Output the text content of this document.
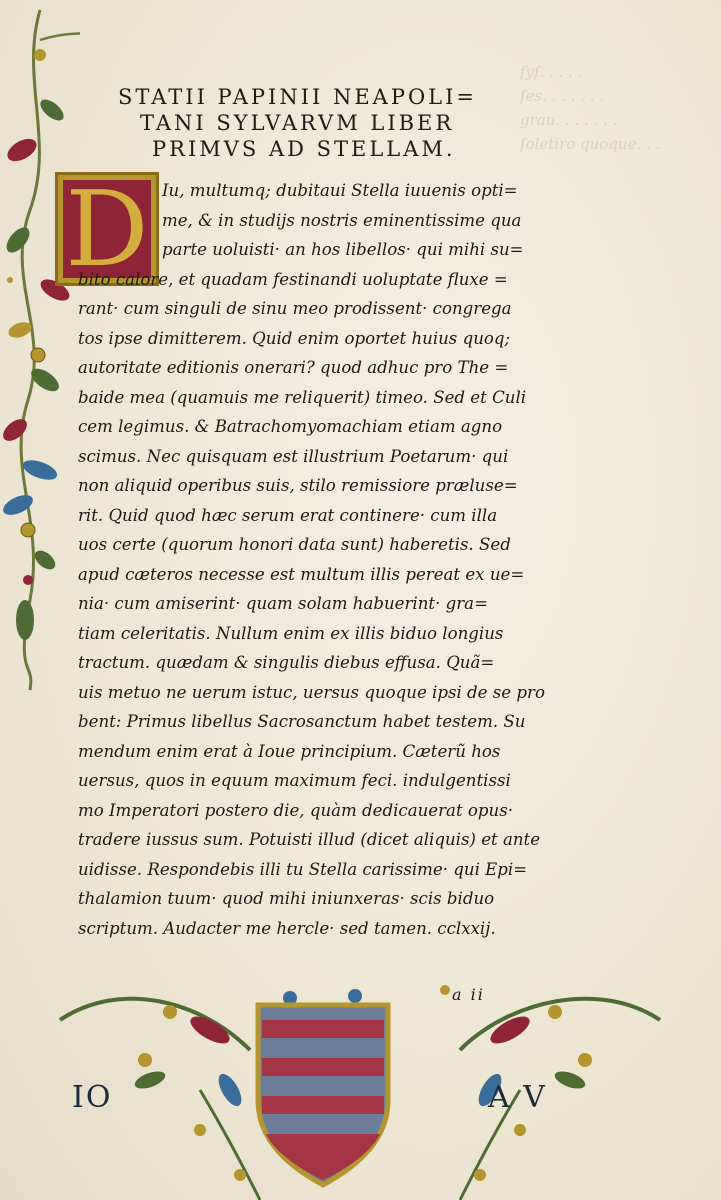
ſyſ. . . . .
ſes. . . . . . .
grau. . . . . . .
ſoletiro quoque. . .
STATII PAPINII NEAPOLI=
TANI SYLVARVM LIBER
PRIMVS AD STELLAM.
D Iu, multumq; dubitaui Stella iuuenis opti=
me, & in studijs nostris eminentissime qua
parte uoluisti· an hos libellos· qui mihi su=
bito calore, et quadam festinandi uoluptate fluxe =
rant· cum singuli de sinu meo prodissent· congrega
tos ipse dimitterem. Quid enim oportet huius quoq;
autoritate editionis onerari? quod adhuc pro The =
baide mea (quamuis me reliquerit) timeo. Sed et Culi
cem legimus. & Batrachomyomachiam etiam agno
scimus. Nec quisquam est illustrium Poetarum· qui
non aliquid operibus suis, stilo remissiore præluse=
rit. Quid quod hæc serum erat continere· cum illa
uos certe (quorum honori data sunt) haberetis. Sed
apud cæteros necesse est multum illis pereat ex ue=
nia· cum amiserint· quam solam habuerint· gra=
tiam celeritatis. Nullum enim ex illis biduo longius
tractum. quædam & singulis diebus effusa. Quã=
uis metuo ne uerum istuc, uersus quoque ipsi de se pro
bent: Primus libellus Sacrosanctum habet testem. Su
mendum enim erat à Ioue principium. Cæterũ hos
uersus, quos in equum maximum feci. indulgentissi
mo Imperatori postero die, quàm dedicauerat opus·
tradere iussus sum. Potuisti illud (dicet aliquis) et ante
uidisse. Respondebis illi tu Stella carissime· qui Epi=
thalamion tuum· quod mihi iniunxeras· scis biduo
scriptum. Audacter me hercle· sed tamen. cclxxij.
a ii
IO	A V
